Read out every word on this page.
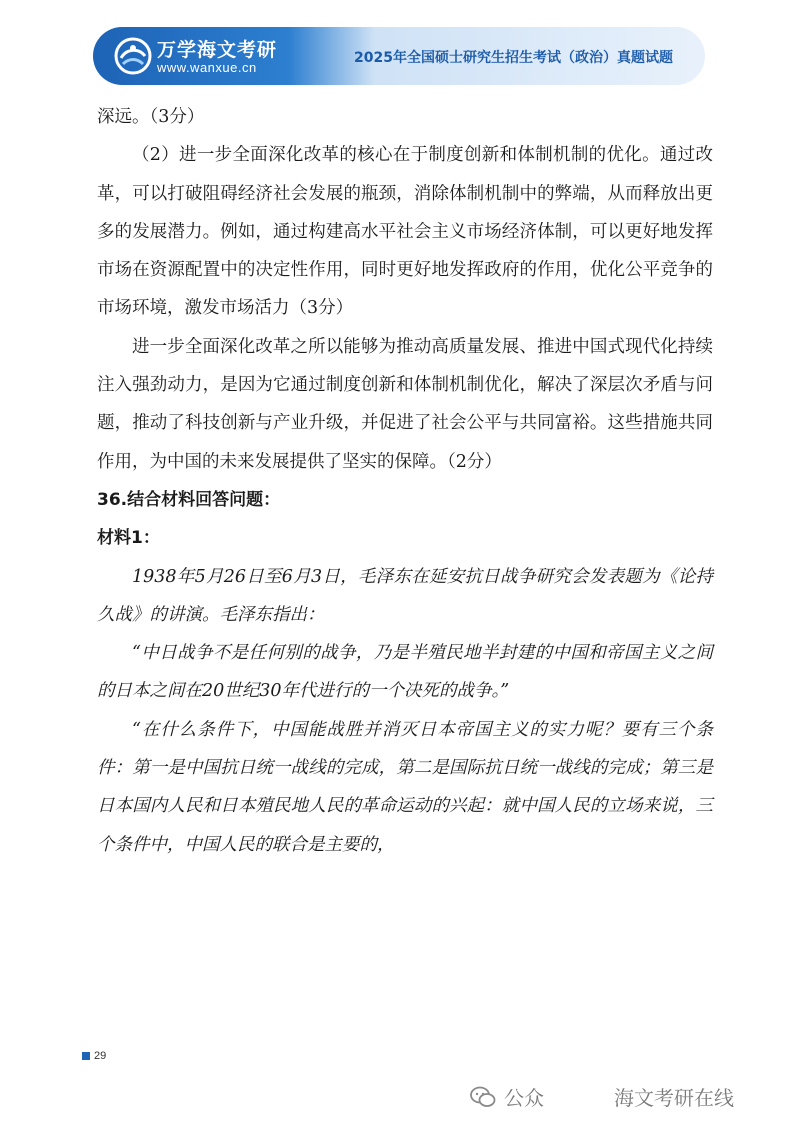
万学海文考研
www.wanxue.cn
2025年全国硕士研究生招生考试（政治）真题试题

深远。（3分）

（2）进一步全面深化改革的核心在于制度创新和体制机制的优化。通过改革，可以打破阻碍经济社会发展的瓶颈，消除体制机制中的弊端，从而释放出更多的发展潜力。例如，通过构建高水平社会主义市场经济体制，可以更好地发挥市场在资源配置中的决定性作用，同时更好地发挥政府的作用，优化公平竞争的市场环境，激发市场活力（3分）

进一步全面深化改革之所以能够为推动高质量发展、推进中国式现代化持续注入强劲动力，是因为它通过制度创新和体制机制优化，解决了深层次矛盾与问题，推动了科技创新与产业升级，并促进了社会公平与共同富裕。这些措施共同作用，为中国的未来发展提供了坚实的保障。（2分）

36.结合材料回答问题：

材料1：

1938年5月26日至6月3日，毛泽东在延安抗日战争研究会发表题为《论持久战》的讲演。毛泽东指出：

“中日战争不是任何别的战争，乃是半殖民地半封建的中国和帝国主义之间的日本之间在20世纪30年代进行的一个决死的战争。”

“在什么条件下，中国能战胜并消灭日本帝国主义的实力呢？要有三个条件：第一是中国抗日统一战线的完成，第二是国际抗日统一战线的完成；第三是日本国内人民和日本殖民地人民的革命运动的兴起：就中国人民的立场来说，三个条件中，中国人民的联合是主要的，

29
公众	海文考研在线
